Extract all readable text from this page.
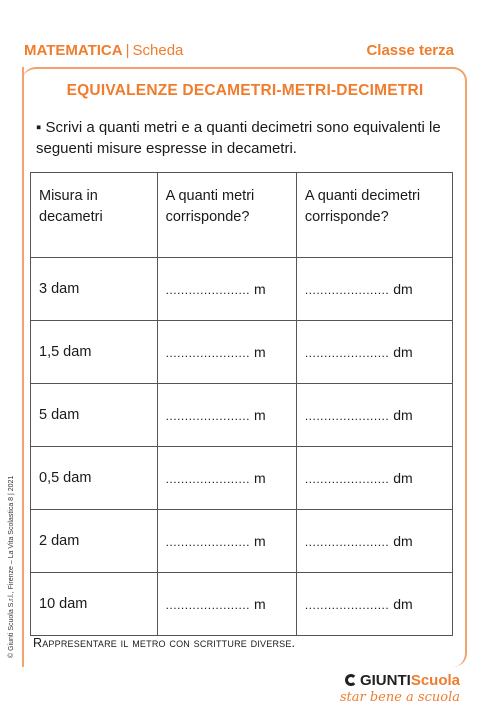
© Giunti Scuola S.r.l., Firenze – La Vita Scolastica 8 | 2021
MATEMATICA | Scheda	Classe terza
EQUIVALENZE DECAMETRI-METRI-DECIMETRI
▪ Scrivi a quanti metri e a quanti decimetri sono equivalenti le seguenti misure espresse in decametri.
Misura in decametri	A quanti metri corrisponde?	A quanti decimetri corrisponde?
3 dam	...................... m	...................... dm
1,5 dam	...................... m	...................... dm
5 dam	...................... m	...................... dm
0,5 dam	...................... m	...................... dm
2 dam	...................... m	...................... dm
10 dam	...................... m	...................... dm
Rappresentare il metro con scritture diverse.
GIUNTIScuola
star bene a scuola
